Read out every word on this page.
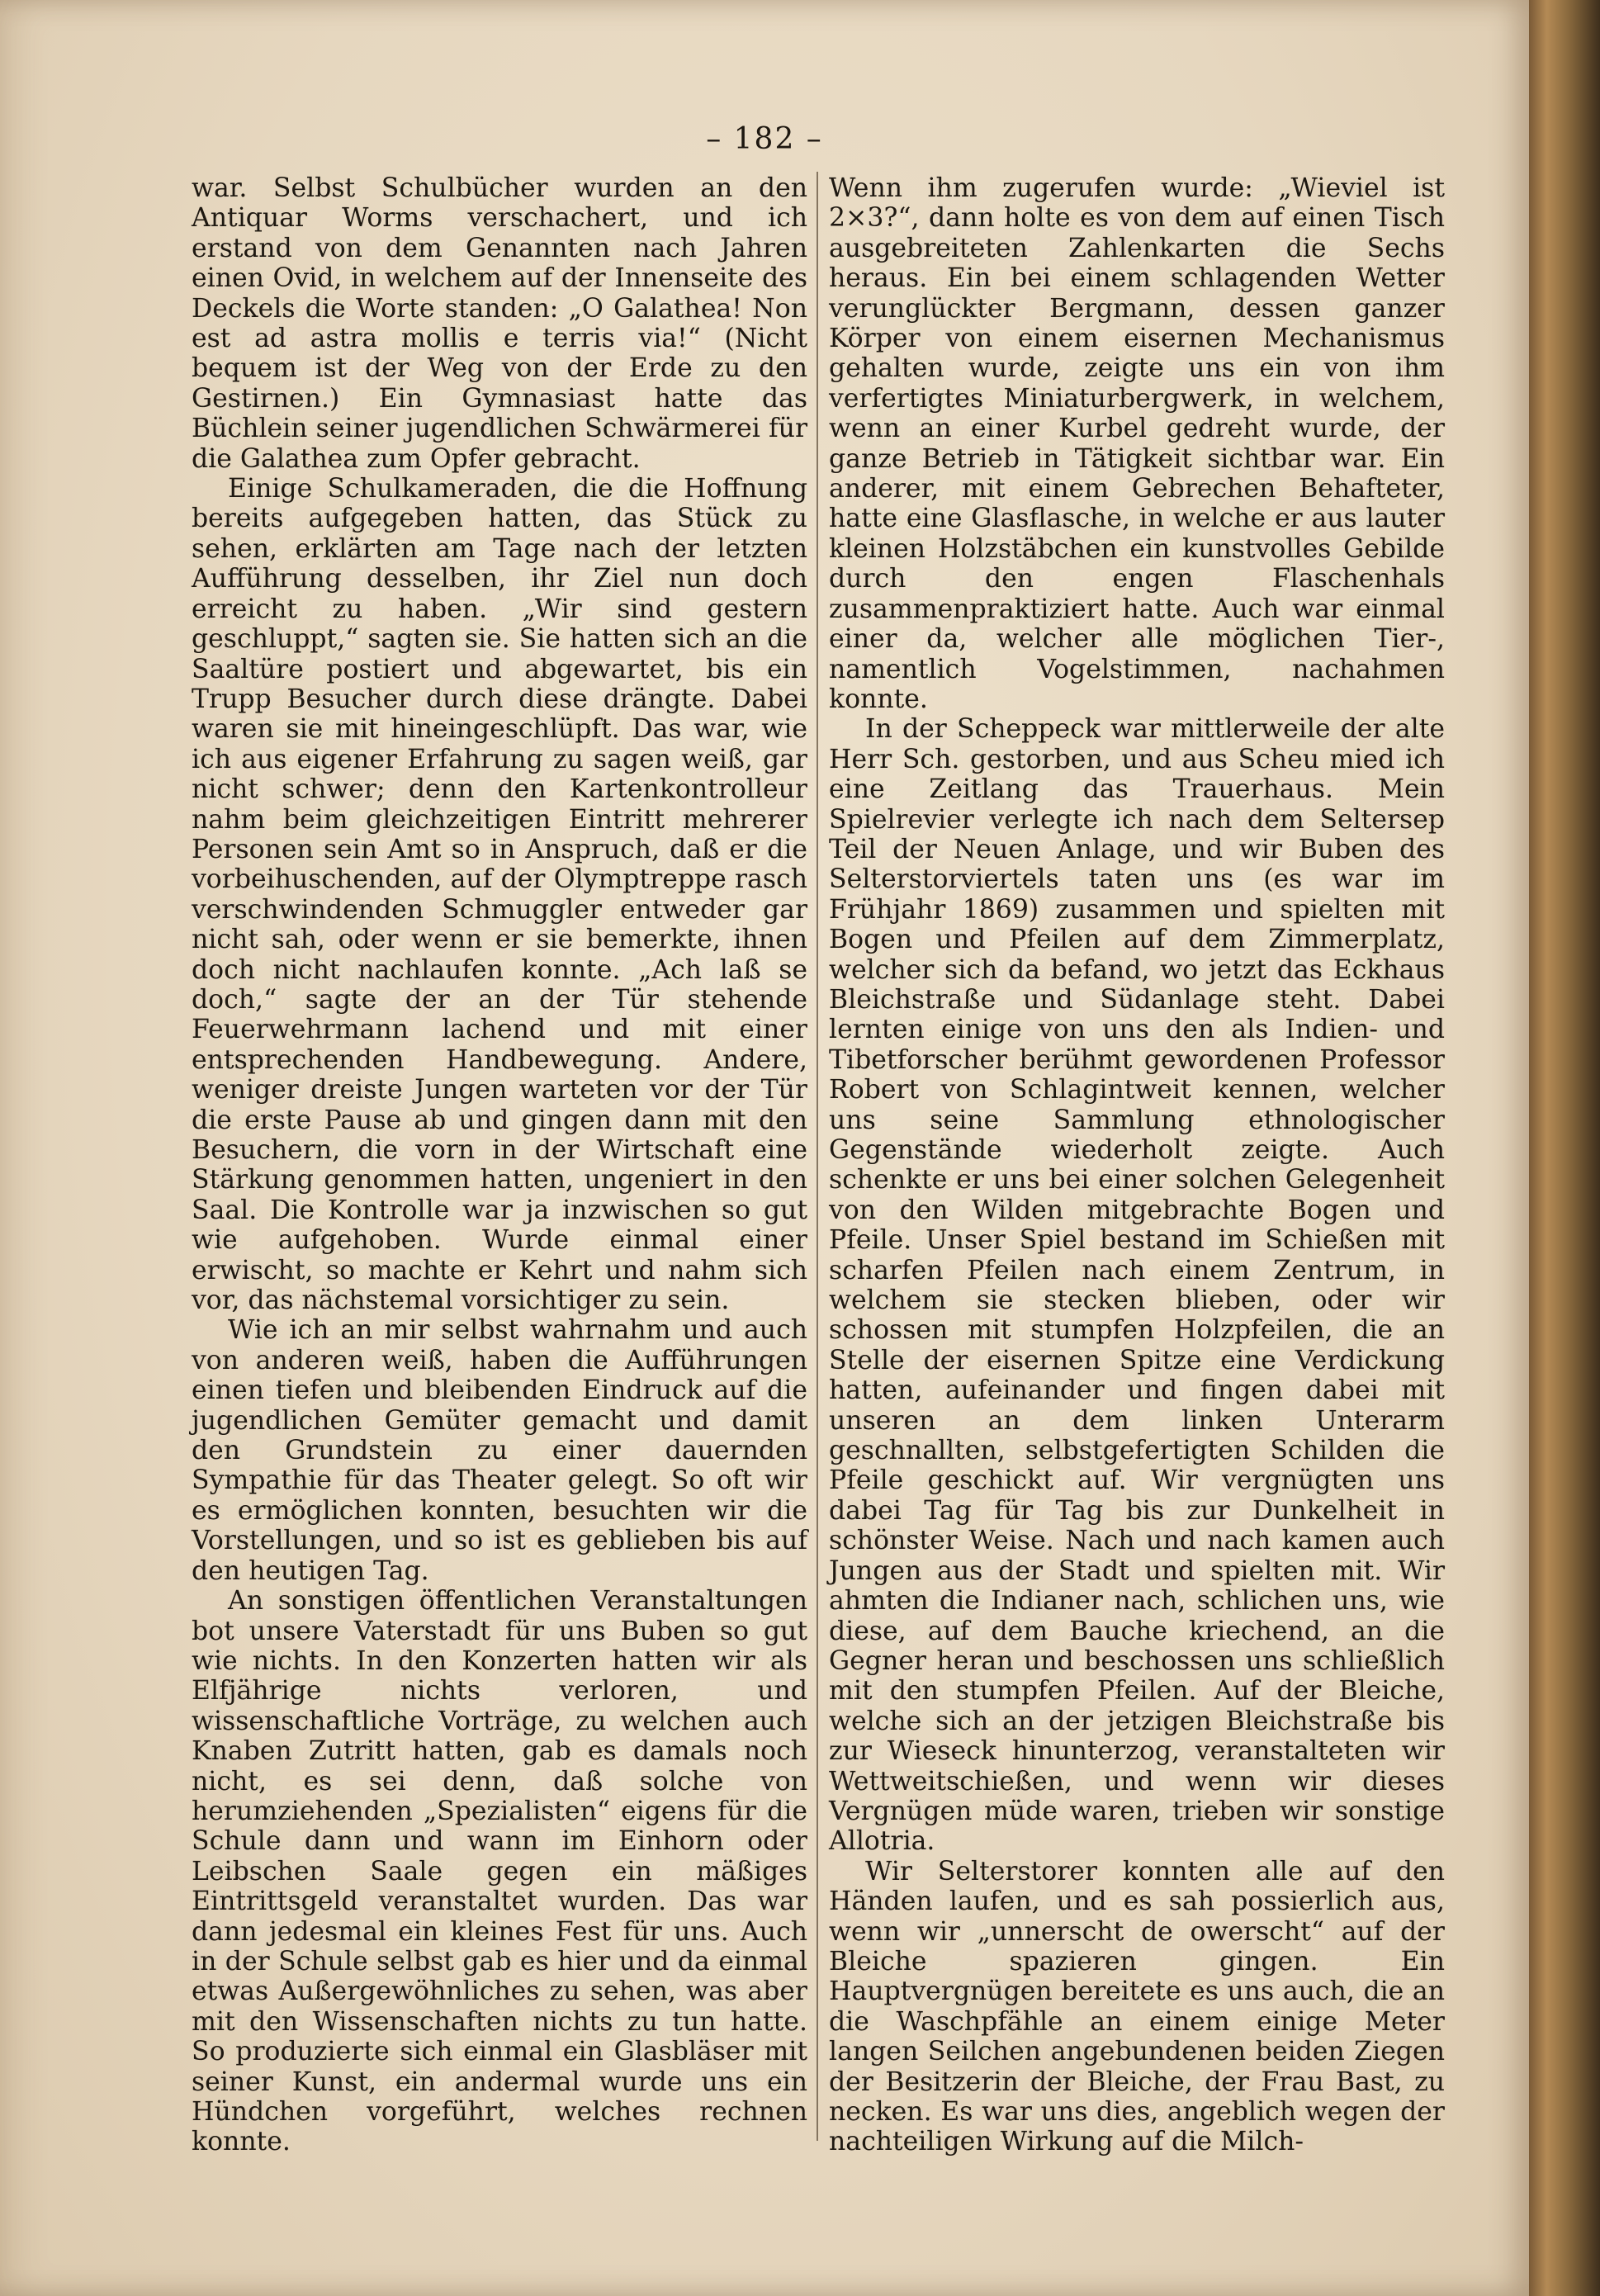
– 182 –

war. Selbst Schulbücher wurden an den Antiquar Worms verschachert, und ich erstand von dem Genannten nach Jahren einen Ovid, in welchem auf der Innenseite des Deckels die Worte standen: „O Galathea! Non est ad astra mollis e terris via!“ (Nicht bequem ist der Weg von der Erde zu den Gestirnen.) Ein Gymnasiast hatte das Büchlein seiner jugendlichen Schwärmerei für die Galathea zum Opfer gebracht.

Einige Schulkameraden, die die Hoffnung bereits aufgegeben hatten, das Stück zu sehen, erklärten am Tage nach der letzten Aufführung desselben, ihr Ziel nun doch erreicht zu haben. „Wir sind gestern geschluppt,“ sagten sie. Sie hatten sich an die Saaltüre postiert und abgewartet, bis ein Trupp Besucher durch diese drängte. Dabei waren sie mit hineingeschlüpft. Das war, wie ich aus eigener Erfahrung zu sagen weiß, gar nicht schwer; denn den Kartenkontrolleur nahm beim gleichzeitigen Eintritt mehrerer Personen sein Amt so in Anspruch, daß er die vorbeihuschenden, auf der Olymptreppe rasch verschwindenden Schmuggler entweder gar nicht sah, oder wenn er sie bemerkte, ihnen doch nicht nachlaufen konnte. „Ach laß se doch,“ sagte der an der Tür stehende Feuerwehrmann lachend und mit einer entsprechenden Handbewegung. Andere, weniger dreiste Jungen warteten vor der Tür die erste Pause ab und gingen dann mit den Besuchern, die vorn in der Wirtschaft eine Stärkung genommen hatten, ungeniert in den Saal. Die Kontrolle war ja inzwischen so gut wie aufgehoben. Wurde einmal einer erwischt, so machte er Kehrt und nahm sich vor, das nächstemal vorsichtiger zu sein.

Wie ich an mir selbst wahrnahm und auch von anderen weiß, haben die Aufführungen einen tiefen und bleibenden Eindruck auf die jugendlichen Gemüter gemacht und damit den Grundstein zu einer dauernden Sympathie für das Theater gelegt. So oft wir es ermöglichen konnten, besuchten wir die Vorstellungen, und so ist es geblieben bis auf den heutigen Tag.

An sonstigen öffentlichen Veranstaltungen bot unsere Vaterstadt für uns Buben so gut wie nichts. In den Konzerten hatten wir als Elfjährige nichts verloren, und wissenschaftliche Vorträge, zu welchen auch Knaben Zutritt hatten, gab es damals noch nicht, es sei denn, daß solche von herumziehenden „Spezialisten“ eigens für die Schule dann und wann im Einhorn oder Leibschen Saale gegen ein mäßiges Eintrittsgeld veranstaltet wurden. Das war dann jedesmal ein kleines Fest für uns. Auch in der Schule selbst gab es hier und da einmal etwas Außergewöhnliches zu sehen, was aber mit den Wissenschaften nichts zu tun hatte. So produzierte sich einmal ein Glasbläser mit seiner Kunst, ein andermal wurde uns ein Hündchen vorgeführt, welches rechnen konnte.

Wenn ihm zugerufen wurde: „Wieviel ist 2×3?“, dann holte es von dem auf einen Tisch ausgebreiteten Zahlenkarten die Sechs heraus. Ein bei einem schlagenden Wetter verunglückter Bergmann, dessen ganzer Körper von einem eisernen Mechanismus gehalten wurde, zeigte uns ein von ihm verfertigtes Miniaturbergwerk, in welchem, wenn an einer Kurbel gedreht wurde, der ganze Betrieb in Tätigkeit sichtbar war. Ein anderer, mit einem Gebrechen Behafteter, hatte eine Glasflasche, in welche er aus lauter kleinen Holzstäbchen ein kunstvolles Gebilde durch den engen Flaschenhals zusammenpraktiziert hatte. Auch war einmal einer da, welcher alle möglichen Tier-, namentlich Vogelstimmen, nachahmen konnte.

In der Scheppeck war mittlerweile der alte Herr Sch. gestorben, und aus Scheu mied ich eine Zeitlang das Trauerhaus. Mein Spielrevier verlegte ich nach dem Seltersер Teil der Neuen Anlage, und wir Buben des Selterstorviertels taten uns (es war im Frühjahr 1869) zusammen und spielten mit Bogen und Pfeilen auf dem Zimmerplatz, welcher sich da befand, wo jetzt das Eckhaus Bleichstraße und Südanlage steht. Dabei lernten einige von uns den als Indien- und Tibetforscher berühmt gewordenen Professor Robert von Schlagintweit kennen, welcher uns seine Sammlung ethnologischer Gegenstände wiederholt zeigte. Auch schenkte er uns bei einer solchen Gelegenheit von den Wilden mitgebrachte Bogen und Pfeile. Unser Spiel bestand im Schießen mit scharfen Pfeilen nach einem Zentrum, in welchem sie stecken blieben, oder wir schossen mit stumpfen Holzpfeilen, die an Stelle der eisernen Spitze eine Verdickung hatten, aufeinander und fingen dabei mit unseren an dem linken Unterarm geschnallten, selbstgefertigten Schilden die Pfeile geschickt auf. Wir vergnügten uns dabei Tag für Tag bis zur Dunkelheit in schönster Weise. Nach und nach kamen auch Jungen aus der Stadt und spielten mit. Wir ahmten die Indianer nach, schlichen uns, wie diese, auf dem Bauche kriechend, an die Gegner heran und beschossen uns schließlich mit den stumpfen Pfeilen. Auf der Bleiche, welche sich an der jetzigen Bleichstraße bis zur Wieseck hinunterzog, veranstalteten wir Wettweitschießen, und wenn wir dieses Vergnügen müde waren, trieben wir sonstige Allotria.

Wir Selterstorer konnten alle auf den Händen laufen, und es sah possierlich aus, wenn wir „unnerscht de owerscht“ auf der Bleiche spazieren gingen. Ein Hauptvergnügen bereitete es uns auch, die an die Waschpfähle an einem einige Meter langen Seilchen angebundenen beiden Ziegen der Besitzerin der Bleiche, der Frau Bast, zu necken. Es war uns dies, angeblich wegen der nachteiligen Wirkung auf die Milch-
